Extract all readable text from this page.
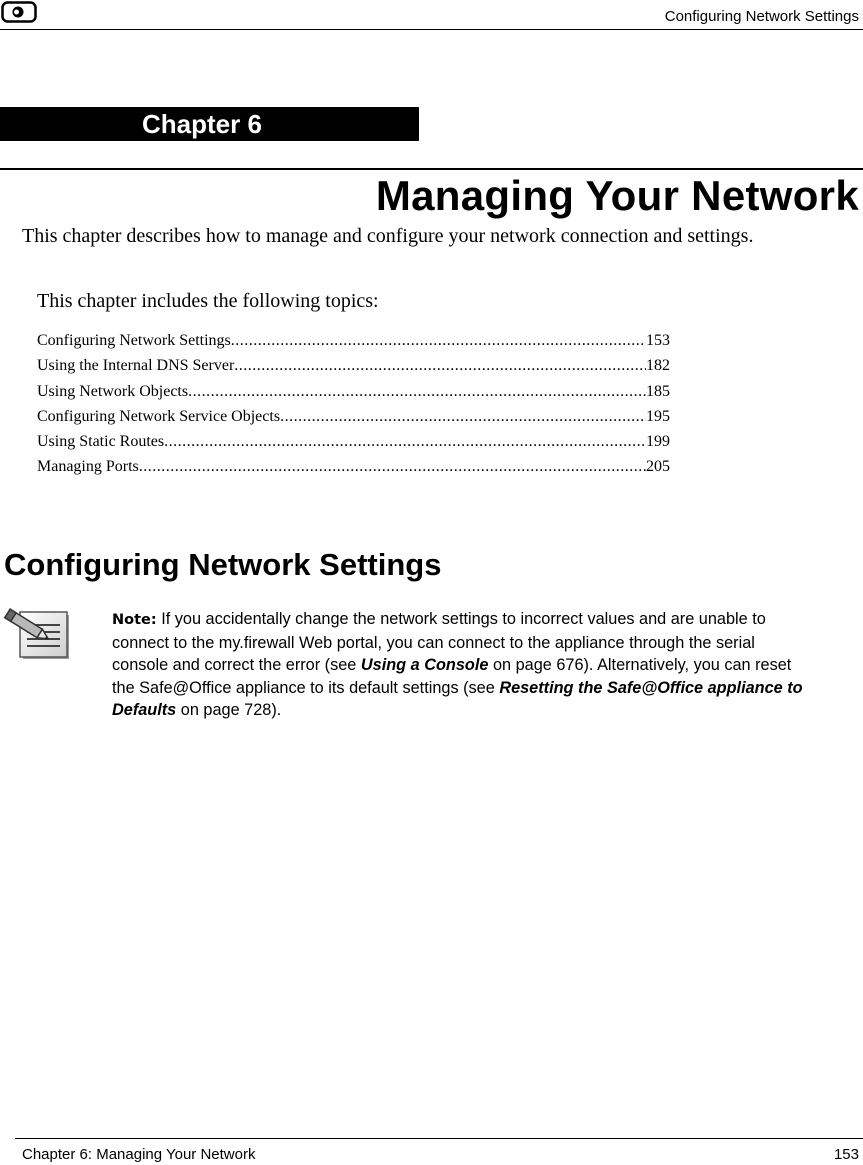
Configuring Network Settings
Chapter 6
Managing Your Network
This chapter describes how to manage and configure your network connection and settings.
This chapter includes the following topics:
Configuring Network Settings .....	153
Using the Internal DNS Server .....	182
Using Network Objects .....	185
Configuring Network Service Objects .....	195
Using Static Routes .....	199
Managing Ports .....	205
Configuring Network Settings
Note: If you accidentally change the network settings to incorrect values and are unable to connect to the my.firewall Web portal, you can connect to the appliance through the serial console and correct the error (see Using a Console on page 676). Alternatively, you can reset the Safe@Office appliance to its default settings (see Resetting the Safe@Office appliance to Defaults on page 728).
Chapter 6: Managing Your Network	153
